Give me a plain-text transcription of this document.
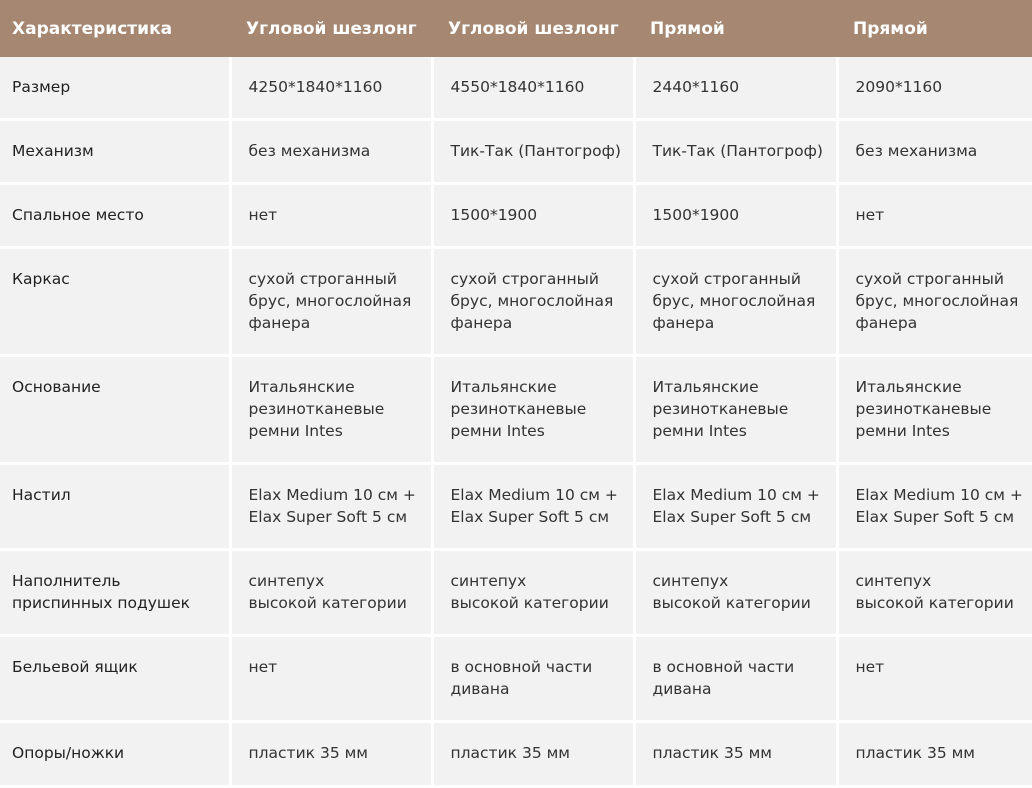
Характеристика	Угловой шезлонг	Угловой шезлонг	Прямой	Прямой

Размер	4250*1840*1160	4550*1840*1160	2440*1160	2090*1160

Механизм	без механизма	Тик-Так (Пантогроф)	Тик-Так (Пантогроф)	без механизма

Спальное место	нет	1500*1900	1500*1900	нет

Каркас	сухой строганный
брус, многослойная
фанера	сухой строганный
брус, многослойная
фанера	сухой строганный
брус, многослойная
фанера	сухой строганный
брус, многослойная
фанера

Основание	Итальянские
резинотканевые
ремни Intes	Итальянские
резинотканевые
ремни Intes	Итальянские
резинотканевые
ремни Intes	Итальянские
резинотканевые
ремни Intes

Настил	Elax Medium 10 см +
Elax Super Soft 5 см	Elax Medium 10 см +
Elax Super Soft 5 см	Elax Medium 10 см +
Elax Super Soft 5 см	Elax Medium 10 см +
Elax Super Soft 5 см

Наполнитель
приспинных подушек	синтепух
высокой категории	синтепух
высокой категории	синтепух
высокой категории	синтепух
высокой категории

Бельевой ящик	нет	в основной части
дивана	в основной части
дивана	нет

Опоры/ножки	пластик 35 мм	пластик 35 мм	пластик 35 мм	пластик 35 мм
